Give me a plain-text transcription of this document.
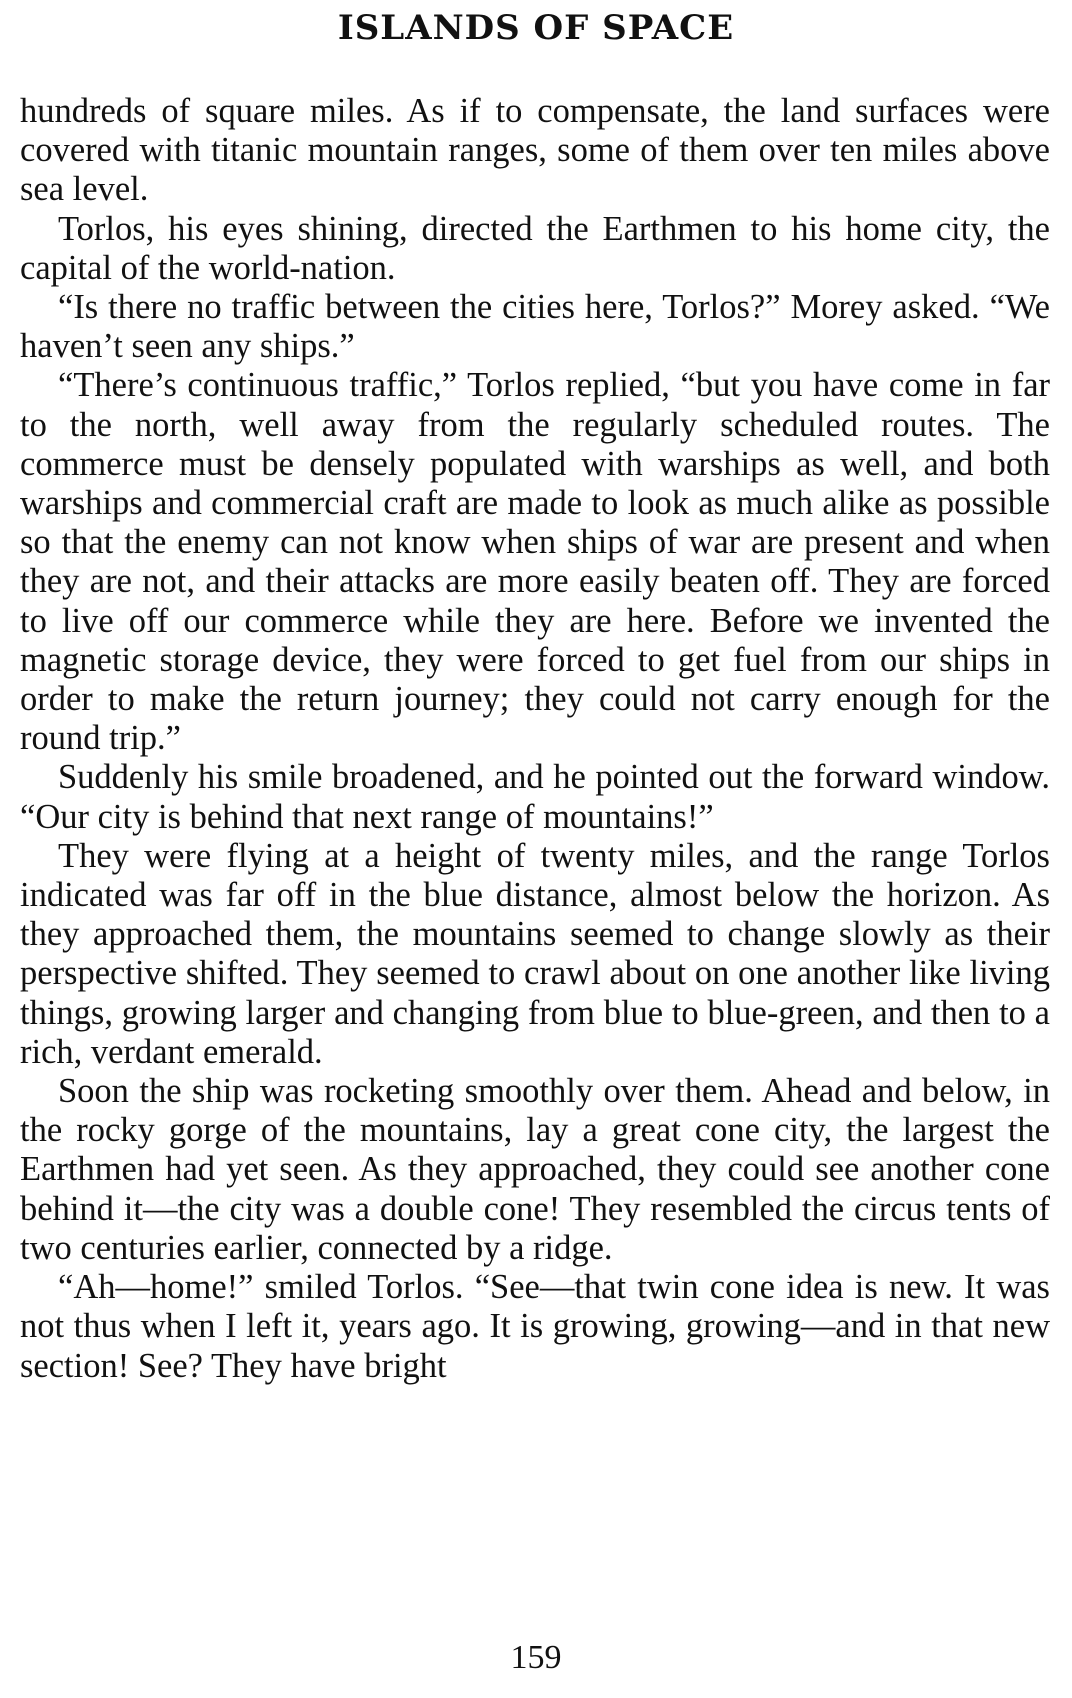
ISLANDS OF SPACE

hundreds of square miles. As if to compensate, the land surfaces were covered with titanic mountain ranges, some of them over ten miles above sea level.

Torlos, his eyes shining, directed the Earthmen to his home city, the capital of the world-nation.

“Is there no traffic between the cities here, Torlos?” Morey asked. “We haven’t seen any ships.”

“There’s continuous traffic,” Torlos replied, “but you have come in far to the north, well away from the regularly scheduled routes. The commerce must be densely populated with warships as well, and both warships and commercial craft are made to look as much alike as possible so that the enemy can not know when ships of war are present and when they are not, and their attacks are more easily beaten off. They are forced to live off our commerce while they are here. Before we invented the magnetic storage device, they were forced to get fuel from our ships in order to make the return journey; they could not carry enough for the round trip.”

Suddenly his smile broadened, and he pointed out the forward window. “Our city is behind that next range of mountains!”

They were flying at a height of twenty miles, and the range Torlos indicated was far off in the blue distance, almost below the horizon. As they approached them, the mountains seemed to change slowly as their perspective shifted. They seemed to crawl about on one another like living things, growing larger and changing from blue to blue-green, and then to a rich, verdant emerald.

Soon the ship was rocketing smoothly over them. Ahead and below, in the rocky gorge of the mountains, lay a great cone city, the largest the Earthmen had yet seen. As they approached, they could see another cone behind it—the city was a double cone! They resembled the circus tents of two centuries earlier, connected by a ridge.

“Ah—home!” smiled Torlos. “See—that twin cone idea is new. It was not thus when I left it, years ago. It is growing, growing—and in that new section! See? They have bright

159
